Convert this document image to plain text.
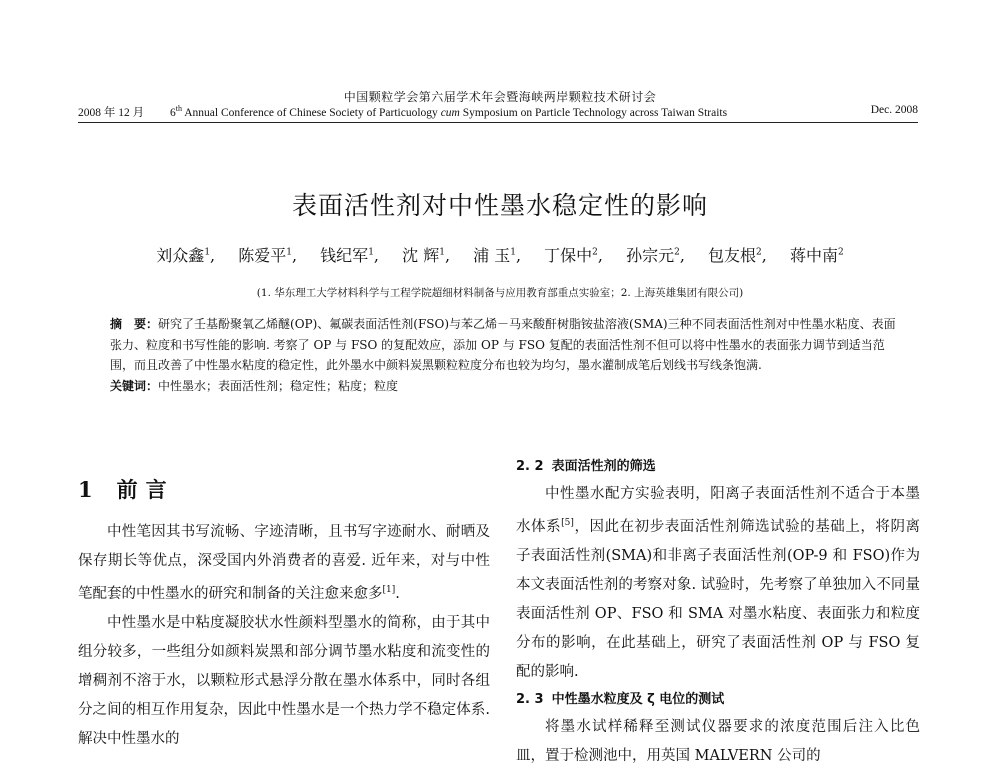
中国颗粒学会第六届学术年会暨海峡两岸颗粒技术研讨会
2008 年 12 月 6th Annual Conference of Chinese Society of Particuology cum Symposium on Particle Technology across Taiwan Straits	Dec. 2008
表面活性剂对中性墨水稳定性的影响
刘众鑫$^1$, 陈爱平$^1$, 钱纪军$^1$, 沈 辉$^1$, 浦 玉$^1$, 丁保中$^2$, 孙宗元$^2$, 包友根$^2$, 蒋中南$^2$
(1. 华东理工大学材料科学与工程学院超细材料制备与应用教育部重点实验室；2. 上海英雄集团有限公司)

摘　要：研究了壬基酚聚氧乙烯醚(OP)、氟碳表面活性剂(FSO)与苯乙烯－马来酸酐树脂铵盐溶液(SMA)三种不同表面活性剂对中性墨水粘度、表面张力、粒度和书写性能的影响. 考察了 OP 与 FSO 的复配效应，添加 OP 与 FSO 复配的表面活性剂不但可以将中性墨水的表面张力调节到适当范围，而且改善了中性墨水粘度的稳定性，此外墨水中颜料炭黑颗粒粒度分布也较为均匀，墨水灌制成笔后划线书写线条饱满.

关键词：中性墨水；表面活性剂；稳定性；粘度；粒度

1 前言

中性笔因其书写流畅、字迹清晰，且书写字迹耐水、耐晒及保存期长等优点，深受国内外消费者的喜爱. 近年来，对与中性笔配套的中性墨水的研究和制备的关注愈来愈多[1].

中性墨水是中粘度凝胶状水性颜料型墨水的简称，由于其中组分较多，一些组分如颜料炭黑和部分调节墨水粘度和流变性的增稠剂不溶于水，以颗粒形式悬浮分散在墨水体系中，同时各组分之间的相互作用复杂，因此中性墨水是一个热力学不稳定体系. 解决中性墨水的

2. 2 表面活性剂的筛选

中性墨水配方实验表明，阳离子表面活性剂不适合于本墨水体系[5]，因此在初步表面活性剂筛选试验的基础上，将阴离子表面活性剂(SMA)和非离子表面活性剂(OP-9 和 FSO)作为本文表面活性剂的考察对象. 试验时，先考察了单独加入不同量表面活性剂 OP、FSO 和 SMA 对墨水粘度、表面张力和粒度分布的影响，在此基础上，研究了表面活性剂 OP 与 FSO 复配的影响.

2. 3 中性墨水粒度及 ζ 电位的测试

将墨水试样稀释至测试仪器要求的浓度范围后注入比色皿，置于检测池中，用英国 MALVERN 公司的
